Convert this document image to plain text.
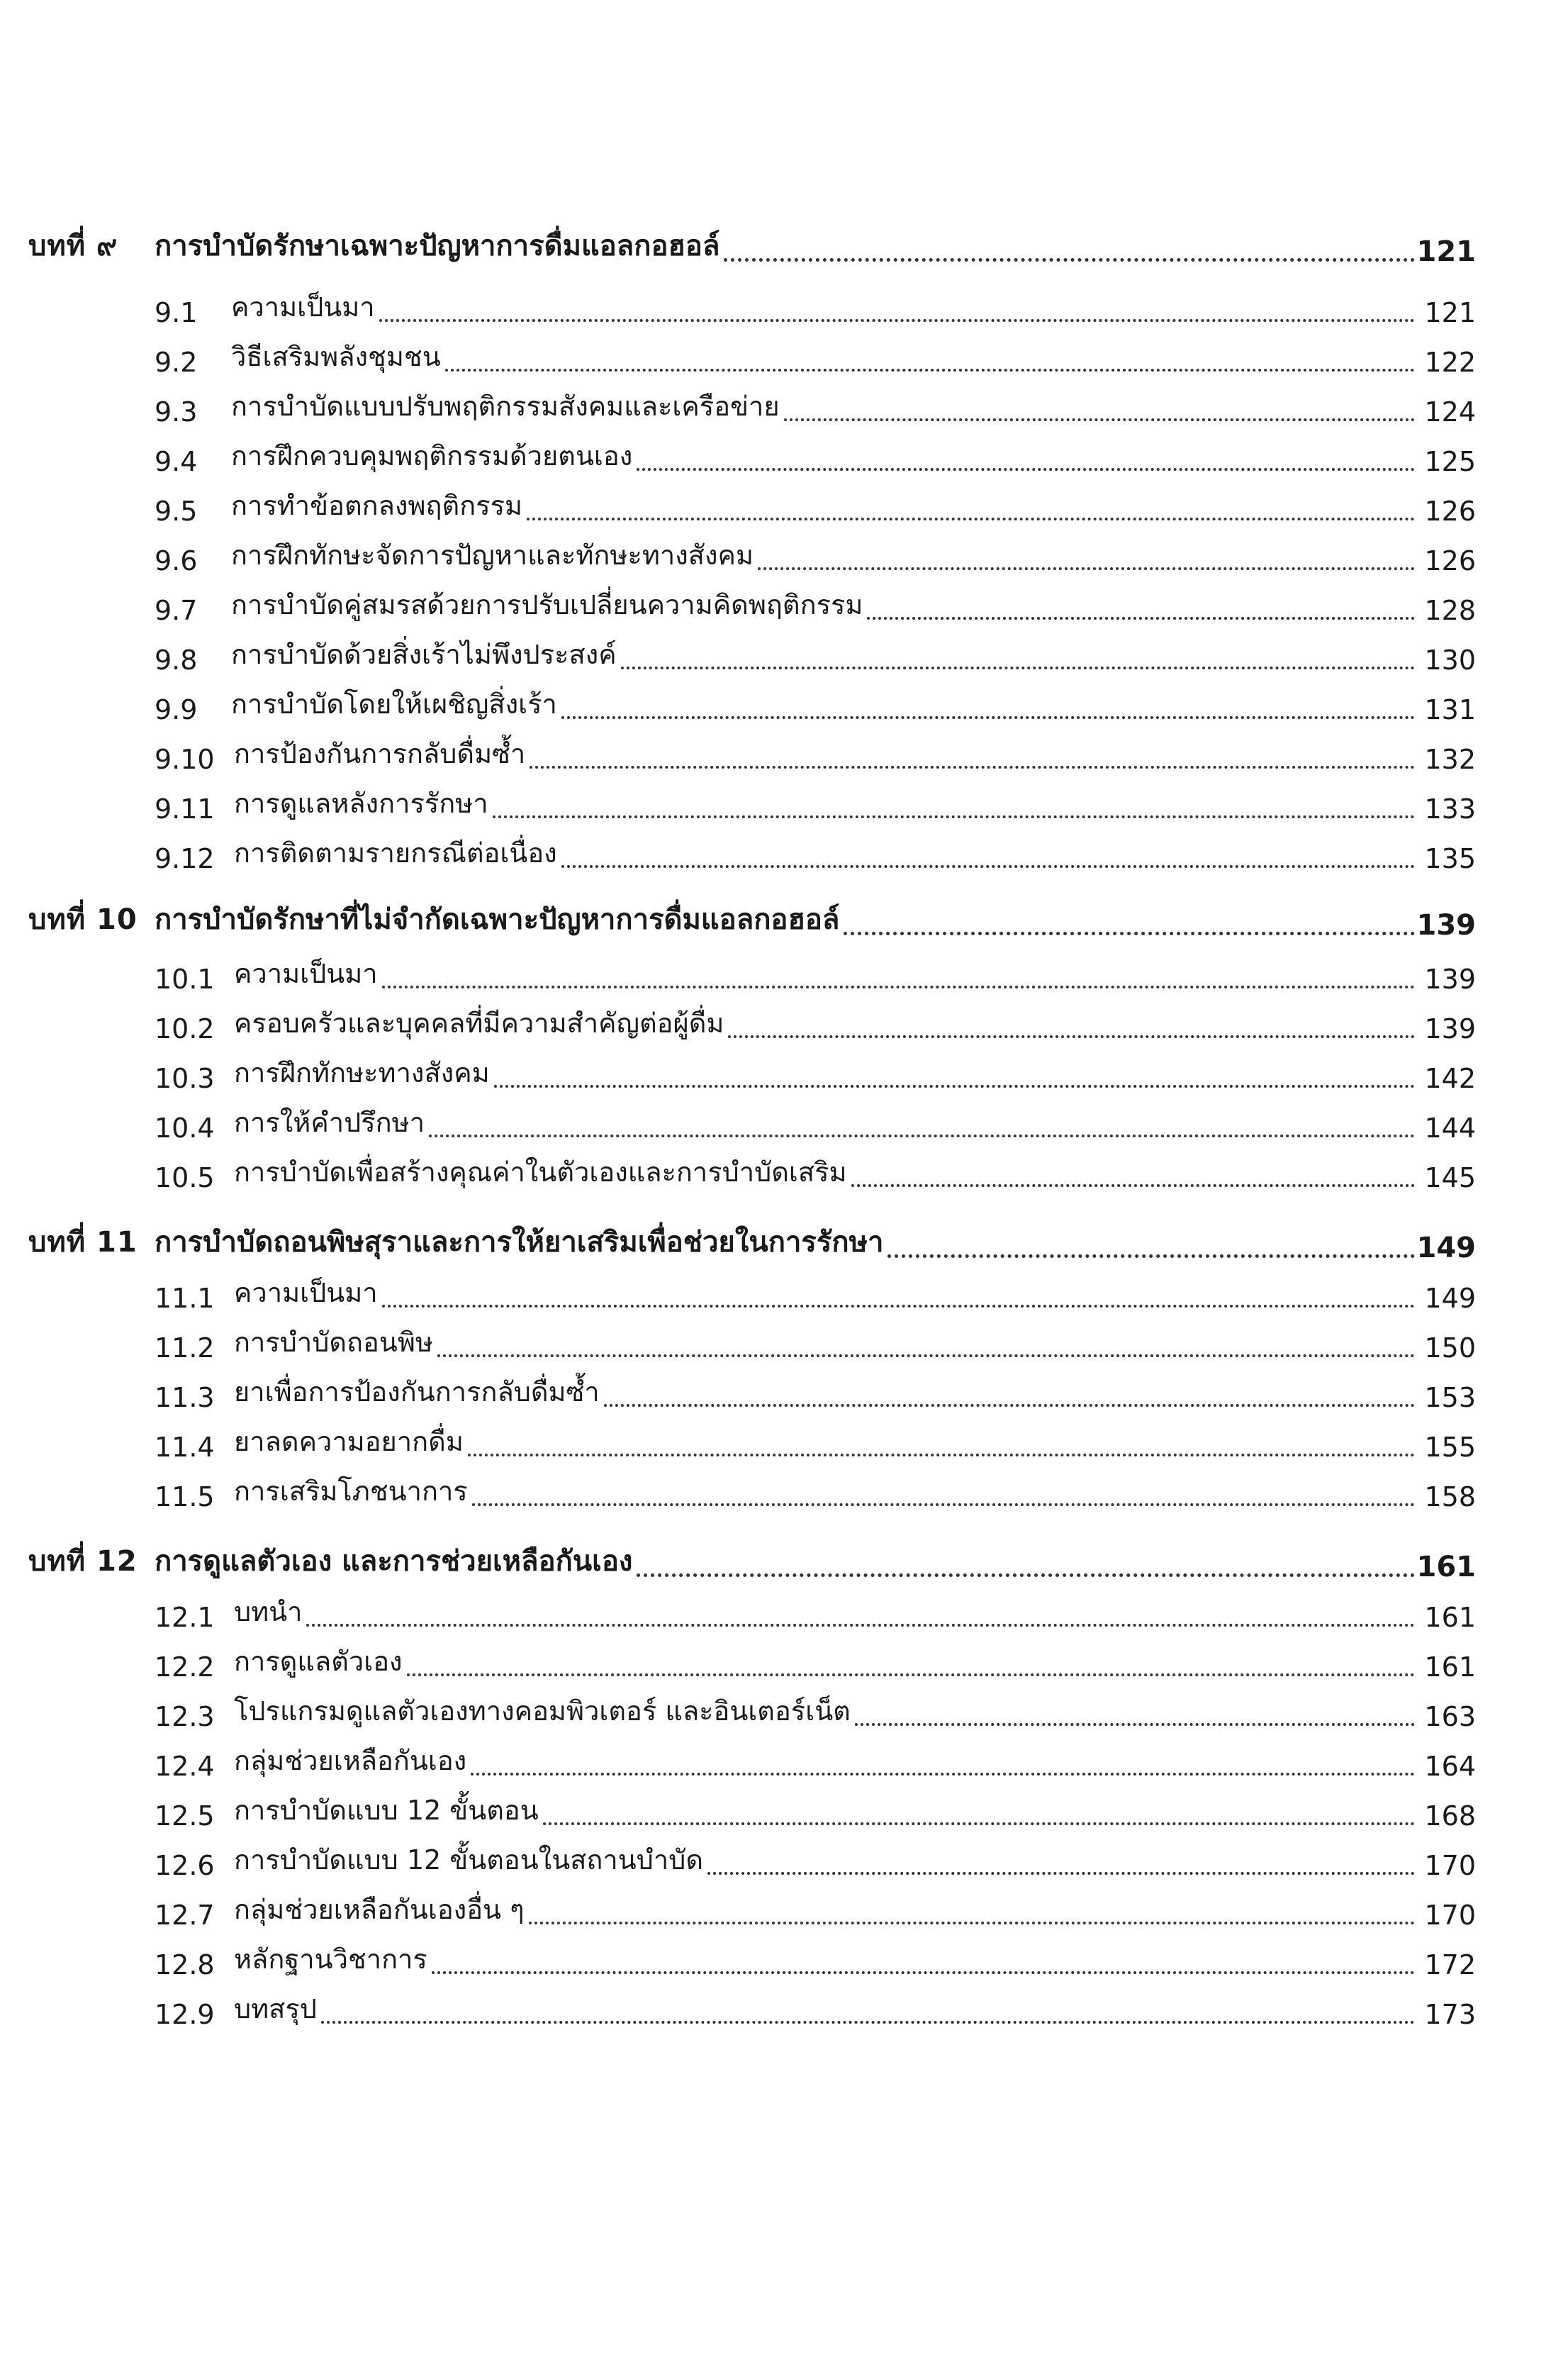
บทที่ ๙ การบำบัดรักษาเฉพาะปัญหาการดื่มแอลกอฮอล์	121
9.1	ความเป็นมา	121
9.2	วิธีเสริมพลังชุมชน	122
9.3	การบำบัดแบบปรับพฤติกรรมสังคมและเครือข่าย	124
9.4	การฝึกควบคุมพฤติกรรมด้วยตนเอง	125
9.5	การทำข้อตกลงพฤติกรรม	126
9.6	การฝึกทักษะจัดการปัญหาและทักษะทางสังคม	126
9.7	การบำบัดคู่สมรสด้วยการปรับเปลี่ยนความคิดพฤติกรรม	128
9.8	การบำบัดด้วยสิ่งเร้าไม่พึงประสงค์	130
9.9	การบำบัดโดยให้เผชิญสิ่งเร้า	131
9.10 การป้องกันการกลับดื่มซ้ำ	132
9.11 การดูแลหลังการรักษา	133
9.12 การติดตามรายกรณีต่อเนื่อง	135
บทที่ 10 การบำบัดรักษาที่ไม่จำกัดเฉพาะปัญหาการดื่มแอลกอฮอล์	139
10.1 ความเป็นมา	139
10.2 ครอบครัวและบุคคลที่มีความสำคัญต่อผู้ดื่ม	139
10.3 การฝึกทักษะทางสังคม	142
10.4 การให้คำปรึกษา	144
10.5 การบำบัดเพื่อสร้างคุณค่าในตัวเองและการบำบัดเสริม	145
บทที่ 11 การบำบัดถอนพิษสุราและการให้ยาเสริมเพื่อช่วยในการรักษา	149
11.1 ความเป็นมา	149
11.2 การบำบัดถอนพิษ	150
11.3 ยาเพื่อการป้องกันการกลับดื่มซ้ำ	153
11.4 ยาลดความอยากดื่ม	155
11.5 การเสริมโภชนาการ	158
บทที่ 12 การดูแลตัวเอง และการช่วยเหลือกันเอง	161
12.1 บทนำ	161
12.2 การดูแลตัวเอง	161
12.3 โปรแกรมดูแลตัวเองทางคอมพิวเตอร์ และอินเตอร์เน็ต	163
12.4 กลุ่มช่วยเหลือกันเอง	164
12.5 การบำบัดแบบ 12 ขั้นตอน	168
12.6 การบำบัดแบบ 12 ขั้นตอนในสถานบำบัด	170
12.7 กลุ่มช่วยเหลือกันเองอื่น ๆ	170
12.8 หลักฐานวิชาการ	172
12.9 บทสรุป	173
